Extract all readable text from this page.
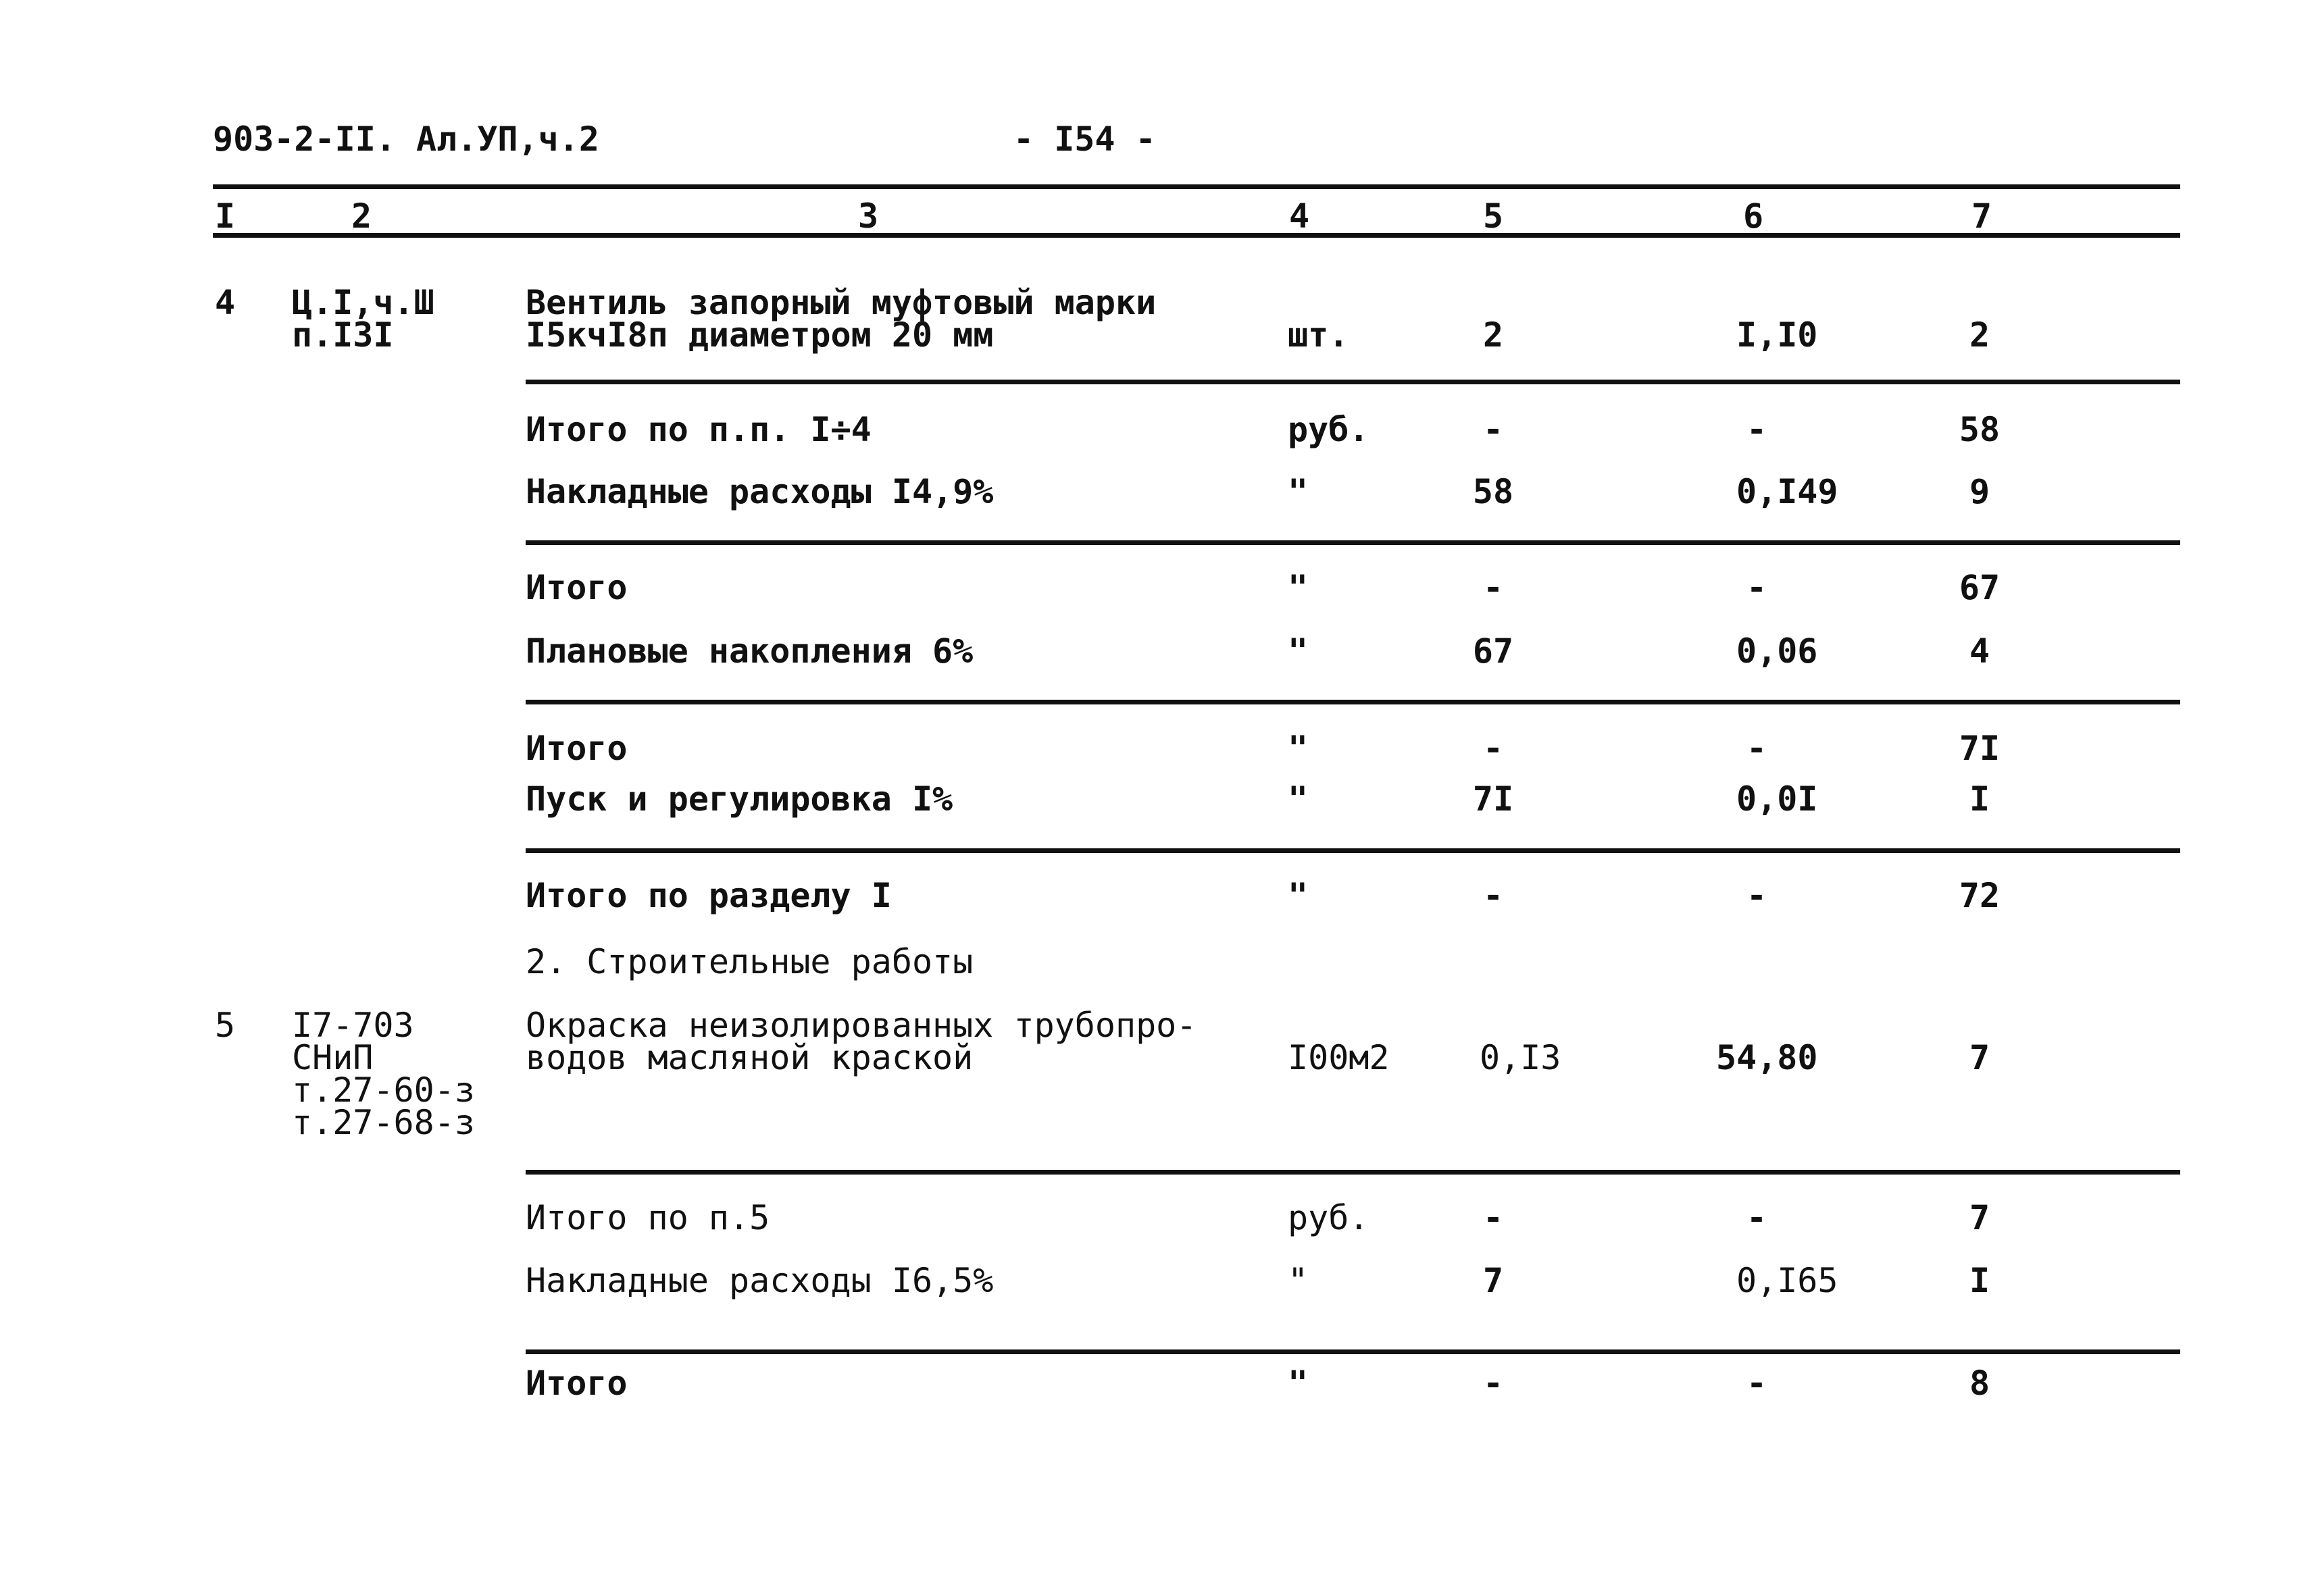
903-2-II. Ал.УП,ч.2	- I54 -
I	2	3	4	5	6	7
4 Ц.I,ч.Ш
п.I3I
Вентиль запорный муфтовый марки
I5кчI8п диаметром 20 мм	шт.	2	I,I0	2
Итого по п.п. I÷4	руб.	-	-	58
Накладные расходы I4,9%	"	58	0,I49	9
Итого	"	-	-	67
Плановые накопления 6%	"	67	0,06	4
Итого	"	-	-	7I
Пуск и регулировка I%	"	7I	0,0I	I
Итого по разделу I	"	-	-	72
2. Строительные работы
5 I7-703
СНиП
т.27-60-з
т.27-68-з
Окраска неизолированных трубопро-
водов масляной краской	I00м2	0,I3	54,80	7
Итого по п.5	руб.	-	-	7
Накладные расходы I6,5%	"	7	0,I65	I
Итого	"	-	-	8
